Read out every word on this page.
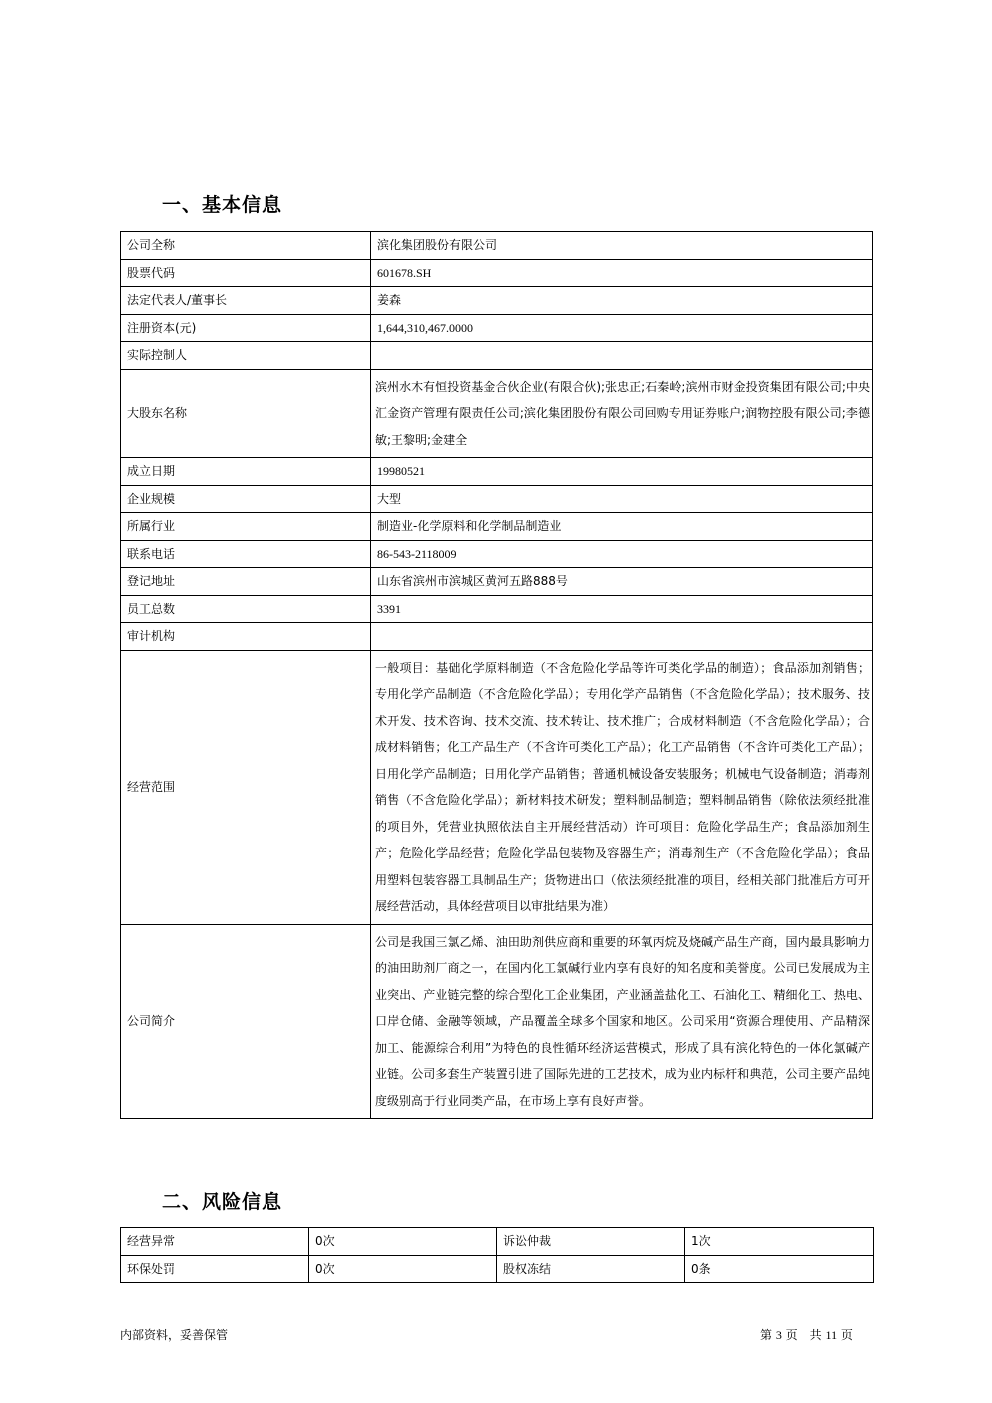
一、基本信息
公司全称	滨化集团股份有限公司
股票代码	601678.SH
法定代表人/董事长	姜森
注册资本(元)	1,644,310,467.0000
实际控制人	
大股东名称	滨州水木有恒投资基金合伙企业(有限合伙);张忠正;石秦岭;滨州市财金投资集团有限公司;中央汇金资产管理有限责任公司;滨化集团股份有限公司回购专用证券账户;润物控股有限公司;李德敏;王黎明;金建全
成立日期	19980521
企业规模	大型
所属行业	制造业-化学原料和化学制品制造业
联系电话	86-543-2118009
登记地址	山东省滨州市滨城区黄河五路888号
员工总数	3391
审计机构	
经营范围	一般项目：基础化学原料制造（不含危险化学品等许可类化学品的制造）；食品添加剂销售；专用化学产品制造（不含危险化学品）；专用化学产品销售（不含危险化学品）；技术服务、技术开发、技术咨询、技术交流、技术转让、技术推广；合成材料制造（不含危险化学品）；合成材料销售；化工产品生产（不含许可类化工产品）；化工产品销售（不含许可类化工产品）；日用化学产品制造；日用化学产品销售；普通机械设备安装服务；机械电气设备制造；消毒剂销售（不含危险化学品）；新材料技术研发；塑料制品制造；塑料制品销售（除依法须经批准的项目外，凭营业执照依法自主开展经营活动）许可项目：危险化学品生产；食品添加剂生产；危险化学品经营；危险化学品包装物及容器生产；消毒剂生产（不含危险化学品）；食品用塑料包装容器工具制品生产；货物进出口（依法须经批准的项目，经相关部门批准后方可开展经营活动，具体经营项目以审批结果为准）
公司简介	公司是我国三氯乙烯、油田助剂供应商和重要的环氧丙烷及烧碱产品生产商，国内最具影响力的油田助剂厂商之一，在国内化工氯碱行业内享有良好的知名度和美誉度。公司已发展成为主业突出、产业链完整的综合型化工企业集团，产业涵盖盐化工、石油化工、精细化工、热电、口岸仓储、金融等领域，产品覆盖全球多个国家和地区。公司采用“资源合理使用、产品精深加工、能源综合利用”为特色的良性循环经济运营模式，形成了具有滨化特色的一体化氯碱产业链。公司多套生产装置引进了国际先进的工艺技术，成为业内标杆和典范，公司主要产品纯度级别高于行业同类产品，在市场上享有良好声誉。
二、风险信息
经营异常	0次	诉讼仲裁	1次
环保处罚	0次	股权冻结	0条
内部资料，妥善保管	第 3 页　共 11 页
